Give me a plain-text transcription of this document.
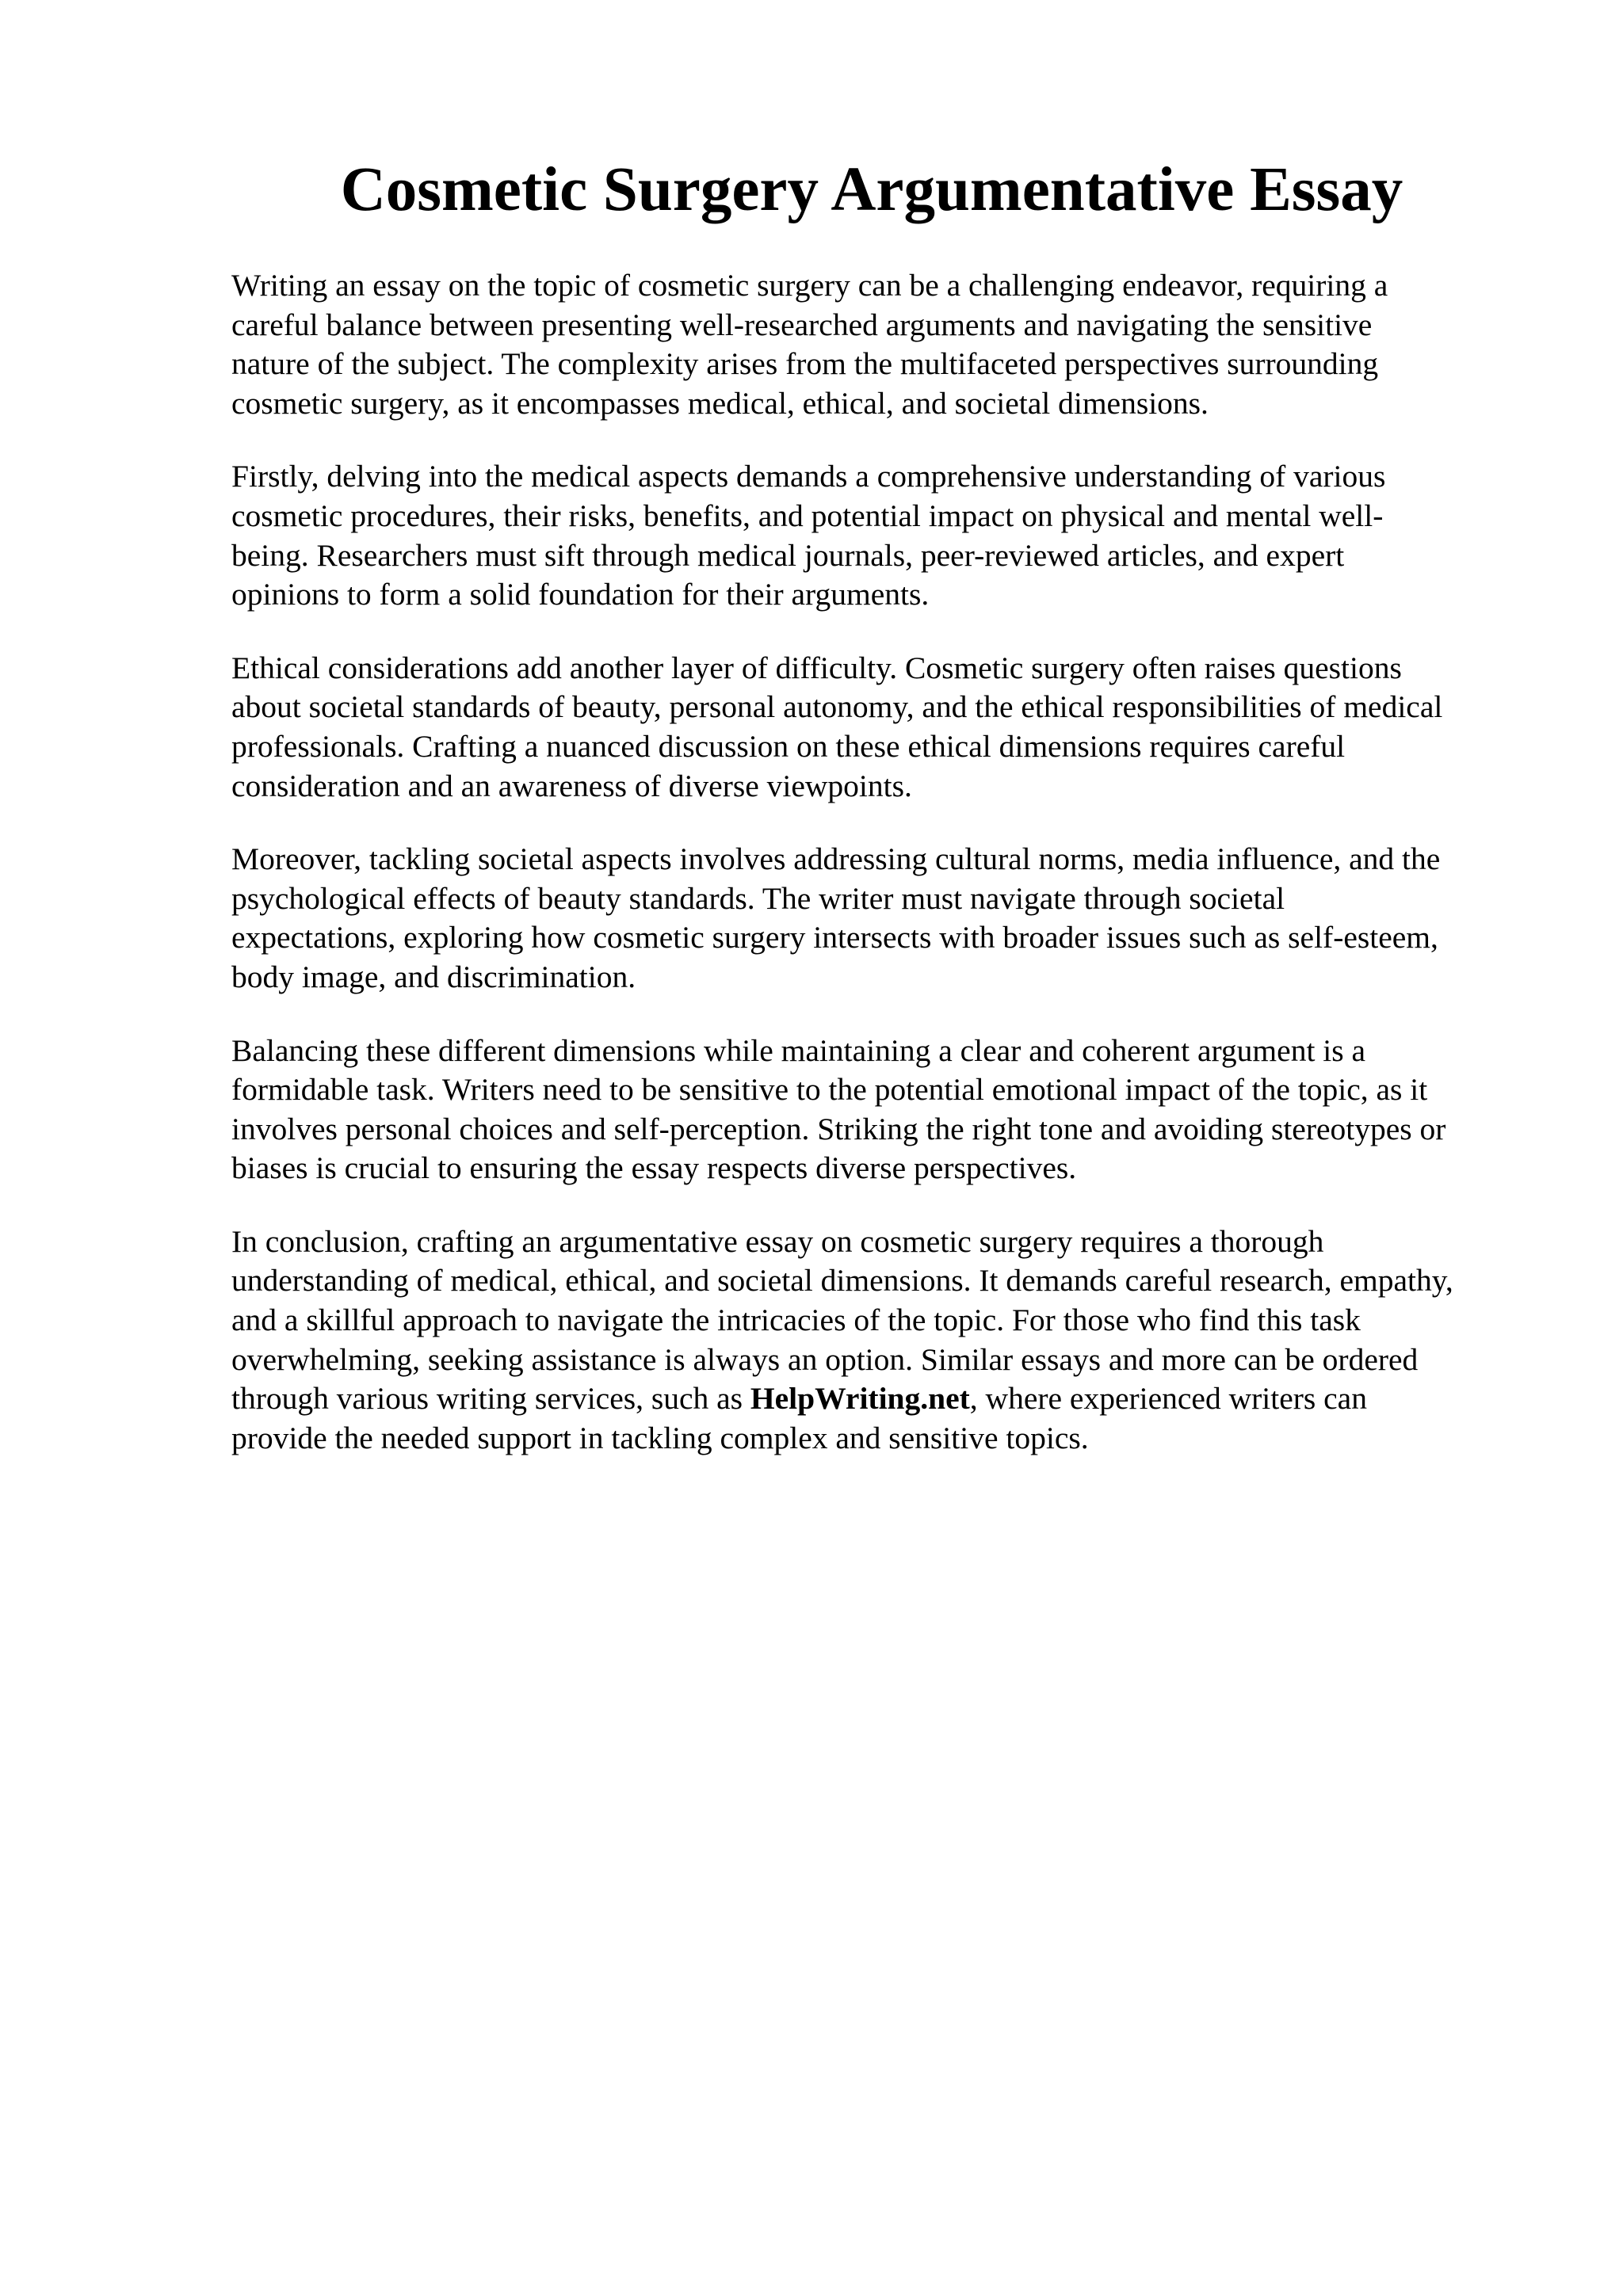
Cosmetic Surgery Argumentative Essay

Writing an essay on the topic of cosmetic surgery can be a challenging endeavor, requiring a
careful balance between presenting well-researched arguments and navigating the sensitive
nature of the subject. The complexity arises from the multifaceted perspectives surrounding
cosmetic surgery, as it encompasses medical, ethical, and societal dimensions.

Firstly, delving into the medical aspects demands a comprehensive understanding of various
cosmetic procedures, their risks, benefits, and potential impact on physical and mental well-
being. Researchers must sift through medical journals, peer-reviewed articles, and expert
opinions to form a solid foundation for their arguments.

Ethical considerations add another layer of difficulty. Cosmetic surgery often raises questions
about societal standards of beauty, personal autonomy, and the ethical responsibilities of medical
professionals. Crafting a nuanced discussion on these ethical dimensions requires careful
consideration and an awareness of diverse viewpoints.

Moreover, tackling societal aspects involves addressing cultural norms, media influence, and the
psychological effects of beauty standards. The writer must navigate through societal
expectations, exploring how cosmetic surgery intersects with broader issues such as self-esteem,
body image, and discrimination.

Balancing these different dimensions while maintaining a clear and coherent argument is a
formidable task. Writers need to be sensitive to the potential emotional impact of the topic, as it
involves personal choices and self-perception. Striking the right tone and avoiding stereotypes or
biases is crucial to ensuring the essay respects diverse perspectives.

In conclusion, crafting an argumentative essay on cosmetic surgery requires a thorough
understanding of medical, ethical, and societal dimensions. It demands careful research, empathy,
and a skillful approach to navigate the intricacies of the topic. For those who find this task
overwhelming, seeking assistance is always an option. Similar essays and more can be ordered
through various writing services, such as HelpWriting.net, where experienced writers can
provide the needed support in tackling complex and sensitive topics.
